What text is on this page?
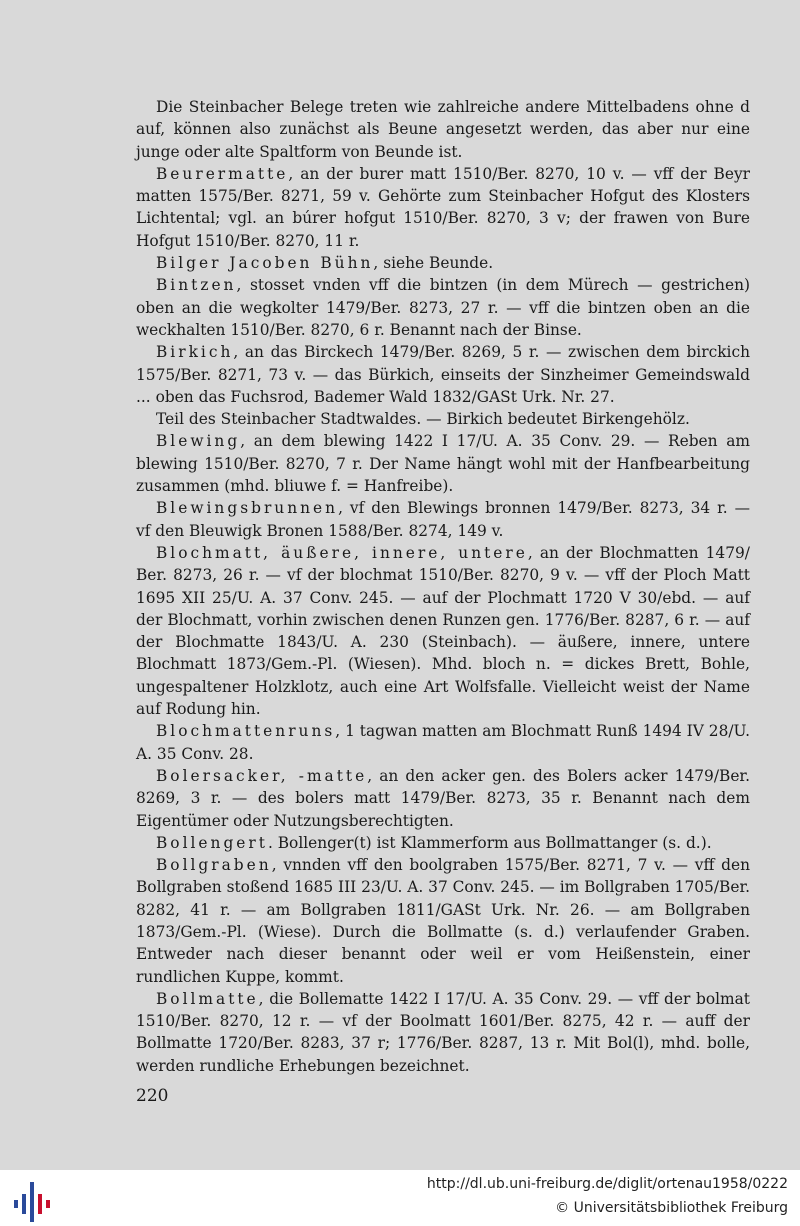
Die Steinbacher Belege treten wie zahlreiche andere Mittelbadens ohne d auf, können also zunächst als Beune angesetzt werden, das aber nur eine junge oder alte Spaltform von Beunde ist.

Beurermatte, an der burer matt 1510/Ber. 8270, 10 v. — vff der Beyr matten 1575/Ber. 8271, 59 v. Gehörte zum Steinbacher Hofgut des Klosters Lichtental; vgl. an búrer hofgut 1510/Ber. 8270, 3 v; der frawen von Bure Hofgut 1510/Ber. 8270, 11 r.

Bilger Jacoben Bühn, siehe Beunde.

Bintzen, stosset vnden vff die bintzen (in dem Mürech — gestrichen) oben an die wegkolter 1479/Ber. 8273, 27 r. — vff die bintzen oben an die weckhalten 1510/Ber. 8270, 6 r. Benannt nach der Binse.

Birkich, an das Birckech 1479/Ber. 8269, 5 r. — zwischen dem birckich 1575/Ber. 8271, 73 v. — das Bürkich, einseits der Sinzheimer Gemeindswald ... oben das Fuchsrod, Bademer Wald 1832/GASt Urk. Nr. 27.

Teil des Steinbacher Stadtwaldes. — Birkich bedeutet Birkengehölz.

Blewing, an dem blewing 1422 I 17/U. A. 35 Conv. 29. — Reben am blewing 1510/Ber. 8270, 7 r. Der Name hängt wohl mit der Hanfbearbeitung zusammen (mhd. bliuwe f. = Hanfreibe).

Blewingsbrunnen, vf den Blewings bronnen 1479/Ber. 8273, 34 r. — vf den Bleuwigk Bronen 1588/Ber. 8274, 149 v.

Blochmatt, äußere, innere, untere, an der Blochmatten 1479/ Ber. 8273, 26 r. — vf der blochmat 1510/Ber. 8270, 9 v. — vff der Ploch Matt 1695 XII 25/U. A. 37 Conv. 245. — auf der Plochmatt 1720 V 30/ebd. — auf der Blochmatt, vorhin zwischen denen Runzen gen. 1776/Ber. 8287, 6 r. — auf der Blochmatte 1843/U. A. 230 (Steinbach). — äußere, innere, untere Blochmatt 1873/Gem.-Pl. (Wiesen). Mhd. bloch n. = dickes Brett, Bohle, ungespaltener Holzklotz, auch eine Art Wolfsfalle. Vielleicht weist der Name auf Rodung hin.

Blochmattenruns, 1 tagwan matten am Blochmatt Runß 1494 IV 28/U. A. 35 Conv. 28.

Bolersacker, -matte, an den acker gen. des Bolers acker 1479/Ber. 8269, 3 r. — des bolers matt 1479/Ber. 8273, 35 r. Benannt nach dem Eigentümer oder Nutzungsberechtigten.

Bollengert. Bollenger(t) ist Klammerform aus Bollmattanger (s. d.).

Bollgraben, vnnden vff den boolgraben 1575/Ber. 8271, 7 v. — vff den Bollgraben stoßend 1685 III 23/U. A. 37 Conv. 245. — im Bollgraben 1705/Ber. 8282, 41 r. — am Bollgraben 1811/GASt Urk. Nr. 26. — am Bollgraben 1873/Gem.-Pl. (Wiese). Durch die Bollmatte (s. d.) verlaufender Graben. Entweder nach dieser benannt oder weil er vom Heißenstein, einer rundlichen Kuppe, kommt.

Bollmatte, die Bollematte 1422 I 17/U. A. 35 Conv. 29. — vff der bolmat 1510/Ber. 8270, 12 r. — vf der Boolmatt 1601/Ber. 8275, 42 r. — auff der Bollmatte 1720/Ber. 8283, 37 r; 1776/Ber. 8287, 13 r. Mit Bol(l), mhd. bolle, werden rundliche Erhebungen bezeichnet.

220
http://dl.ub.uni-freiburg.de/diglit/ortenau1958/0222
© Universitätsbibliothek Freiburg
